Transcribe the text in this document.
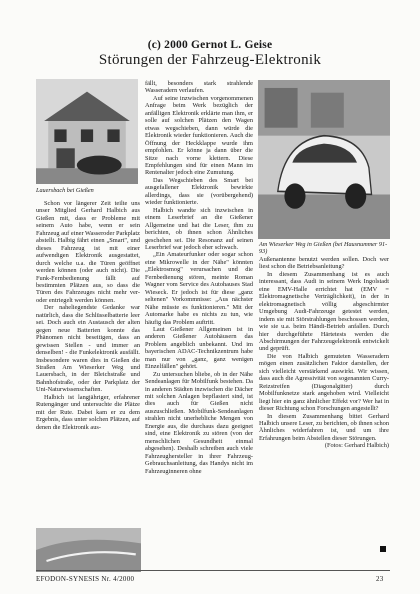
(c) 2000 Gernot L. Geise
Störungen der Fahrzeug-Elektronik
Lauersbach bei Gießen
Am Wieserker Weg in Gießen (bei Hausnummer 91-93)

Schon vor längerer Zeit teilte uns unser Mitglied Gerhard Halbich aus Gießen mit, dass er Probleme mit seinem Auto habe, wenn er sein Fahrzeug auf einer Wasseroder Parkplatz abstellt. Halbig fährt einen „Smart", und dieses Fahrzeug ist mit einer aufwendigen Elektronik ausgestattet, durch welche u.a. die Türen geöffnet werden können (oder auch nicht). Die Funk-Fernbedienung fällt auf bestimmten Plätzen aus, so dass die Türen des Fahrzeuges nicht mehr ver- oder entriegelt werden können.

Der naheliegendste Gedanke war natürlich, dass die Schlüsselbatterie leer sei. Doch auch ein Austausch der alten gegen neue Batterien konnte das Phänomen nicht beseitigen, dass an gewissen Stellen - und immer an denselben! - die Funkelektronik ausfällt. Insbesondere waren dies in Gießen die Straßen Am Wieserker Weg und Lauersbach, in der Bleichstraße und Bahnhofstraße, oder der Parkplatz der Uni-Naturwissenschaften.

Halbich ist langjähriger, erfahrener Rutengänger und untersuchte die Plätze mit der Rute. Dabei kam er zu dem Ergebnis, dass unter solchen Plätzen, auf denen die Elektronik aus-

fällt, besonders stark strahlende Wasseradern verlaufen.

Auf seine inzwischen vorgenommenen Anfrage beim Werk bezüglich der anfälligen Elektronik erklärte man ihm, er solle auf solchen Plätzen den Wagen etwas wegschieben, dann würde die Elektronik wieder funktionieren. Auch die Öffnung der Heckklappe wurde ihm empfohlen. Er könne ja dann über die Sitze nach vorne klettern. Diese Empfehlungen sind für einen Mann im Rentenalter jedoch eine Zumutung.

Das Wegschieben des Smart bei ausgefallener Elektronik bewirkte allerdings, dass sie (vorübergehend) wieder funktionierte.

Halbich wandte sich inzwischen in einem Leserbrief an die Gießener Allgemeine und hat die Leser, ihm zu berichten, ob ihnen schon Ähnliches geschehen sei. Die Resonanz auf seinen Leserbrief war jedoch eher schwach.

„Ein Amateurfunker oder sogar schon eine Mikrowelle in der Nähe" könnten „Elektrosmog" verursachen und die Fernbedienung stören, meinte Roman Wagner vom Service des Autohauses Stad Wieseck. Er jedoch ist für diese „ganz seltenen" Vorkommnisse: „Aus nächster Nähe müsste es funktionieren." Mit der Automarke habe es nichts zu tun, wie häufig das Problem auftritt.

Laut Gießener Allgemeinen ist in anderen Gießener Autohäusern das Problem angeblich unbekannt. Und im bayerischen ADAC-Technikzentrum habe man nur von „ganz, ganz wenigen Einzelfällen" gehört.

Zu untersuchen bliebe, ob in der Nähe Sendeanlagen für Mobilfunk bestehen. Da in anderen Städten inzwischen die Dächer mit solchen Anlagen bepflastert sind, ist dies auch für Gießen nicht auszuschließen. Mobilfunk-Sendeanlagen strahlen nicht unerhebliche Mengen von Energie aus, die durchaus dazu geeignet sind, eine Elektronik zu stören (von der menschlichen Gesundheit einmal abgesehen). Deshalb schreiben auch viele Fahrzeughersteller in ihrer Fahrzeug-Gebrauchsanleitung, das Handys nicht im Fahrzeuginneren ohne

Außenantenne benutzt werden sollen. Doch wer liest schon die Betriebsanleitung?

In diesem Zusammenhang ist es auch interessant, dass Audi in seinem Werk Ingolstadt eine EMV-Halle errichtet hat (EMV = Elektromagnetische Verträglichkeit), in der in elektromagnetisch völlig abgeschirmter Umgebung Audi-Fahrzeuge getestet werden, indem sie mit Störstrahlungen beschossen werden, wie sie u.a. beim Händi-Betrieb anfallen. Durch hier durchgeführte Härtetests werden die Abschirmungen der Fahrzeugelektronik entwickelt und geprüft.

Die von Halbich gemuteten Wasseradern mögen einen zusätzlichen Faktor darstellen, der sich vielleicht verstärkend auswirkt. Wir wissen, dass auch die Agressivität von sogenannten Curry-Reizstreifen (Diagonalgitter) durch Mobilfunknetze stark angehoben wird. Vielleicht liegt hier ein ganz ähnlicher Effekt vor? Wer hat in dieser Richtung schon Forschungen angestellt?

In diesem Zusammenhang bittet Gerhard Halbich unsere Leser, zu berichten, ob ihnen schon Ähnliches widerfahren ist, und um ihre Erfahrungen beim Abstellen dieser Störungen.

(Fotos: Gerhard Halbich)

EFODON-SYNESIS Nr. 4/2000	23
